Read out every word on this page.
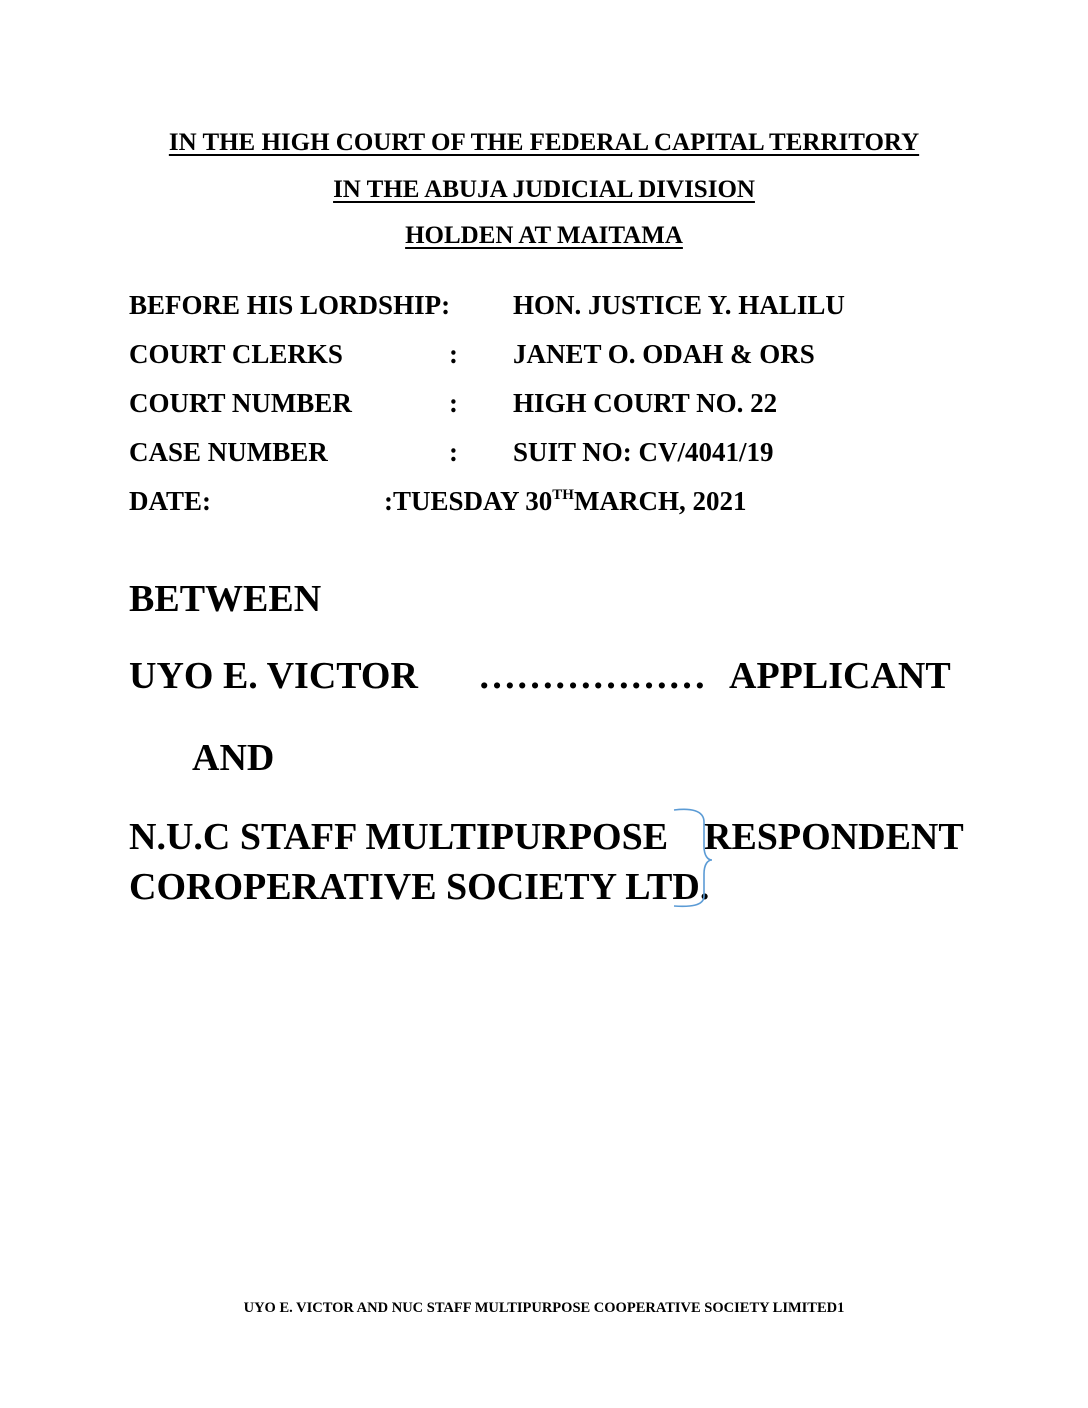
IN THE HIGH COURT OF THE FEDERAL CAPITAL TERRITORY

IN THE ABUJA JUDICIAL DIVISION

HOLDEN AT MAITAMA

BEFORE HIS LORDSHIP: HON. JUSTICE Y. HALILU
COURT CLERKS	: JANET O. ODAH & ORS
COURT NUMBER	: HIGH COURT NO. 22
CASE NUMBER	: SUIT NO: CV/4041/19
DATE:	:TUESDAY 30THMARCH, 2021
BETWEEN
UYO E. VICTOR ……………… APPLICANT
AND
N.U.C STAFF MULTIPURPOSE RESPONDENT
COROPERATIVE SOCIETY LTD.

UYO E. VICTOR AND NUC STAFF MULTIPURPOSE COOPERATIVE SOCIETY LIMITED1
